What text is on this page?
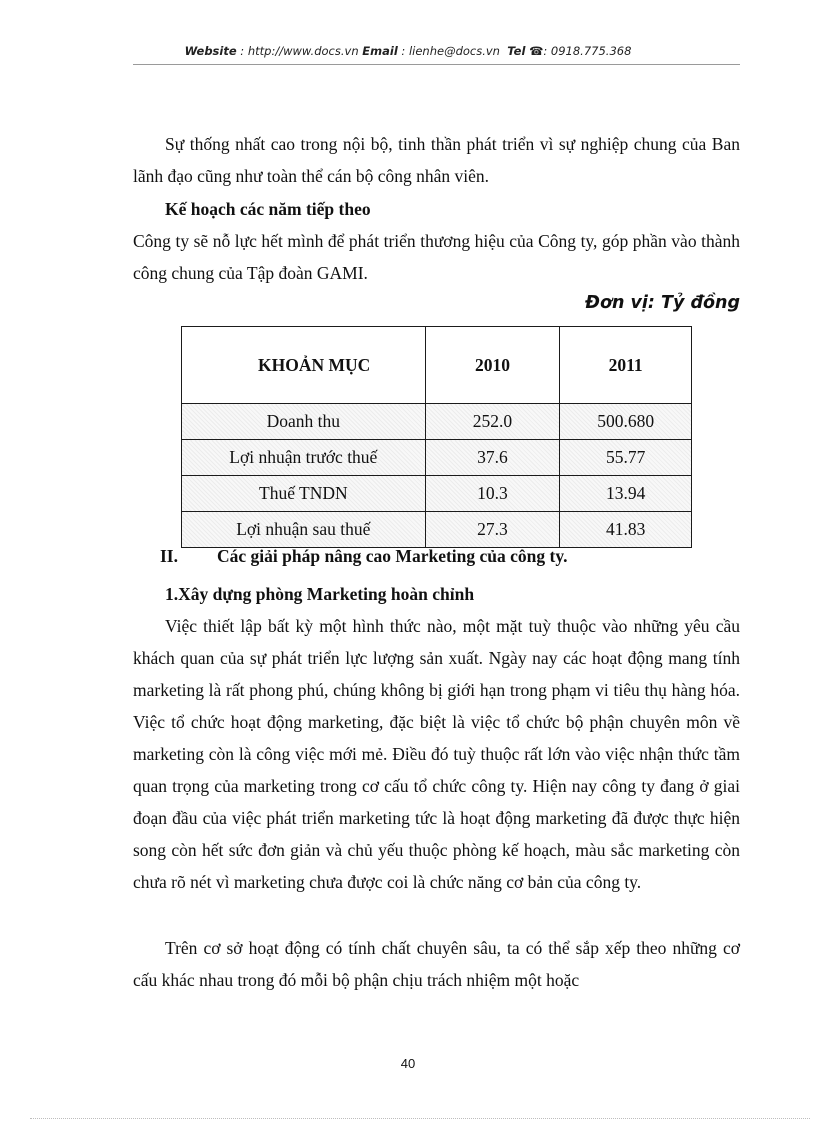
Website : http://www.docs.vn Email : lienhe@docs.vn Tel ☎: 0918.775.368

Sự thống nhất cao trong nội bộ, tinh thần phát triển vì sự nghiệp chung của Ban lãnh đạo cũng như toàn thể cán bộ công nhân viên.

Kế hoạch các năm tiếp theo

Công ty sẽ nỗ lực hết mình để phát triển thương hiệu của Công ty, góp phần vào thành công chung của Tập đoàn GAMI.

Đơn vị: Tỷ đồng
KHOẢN MỤC	2010	2011
Doanh thu	252.0	500.680
Lợi nhuận trước thuế	37.6	55.77
Thuế TNDN	10.3	13.94
Lợi nhuận sau thuế	27.3	41.83
II. Các giải pháp nâng cao Marketing của công ty.

1.Xây dựng phòng Marketing hoàn chỉnh

Việc thiết lập bất kỳ một hình thức nào, một mặt tuỳ thuộc vào những yêu cầu khách quan của sự phát triển lực lượng sản xuất. Ngày nay các hoạt động mang tính marketing là rất phong phú, chúng không bị giới hạn trong phạm vi tiêu thụ hàng hóa. Việc tổ chức hoạt động marketing, đặc biệt là việc tổ chức bộ phận chuyên môn về marketing còn là công việc mới mẻ. Điều đó tuỳ thuộc rất lớn vào việc nhận thức tầm quan trọng của marketing trong cơ cấu tổ chức công ty. Hiện nay công ty đang ở giai đoạn đầu của việc phát triển marketing tức là hoạt động marketing đã được thực hiện song còn hết sức đơn giản và chủ yếu thuộc phòng kế hoạch, màu sắc marketing còn chưa rõ nét vì marketing chưa được coi là chức năng cơ bản của công ty.

Trên cơ sở hoạt động có tính chất chuyên sâu, ta có thể sắp xếp theo những cơ cấu khác nhau trong đó mỗi bộ phận chịu trách nhiệm một hoặc

40
